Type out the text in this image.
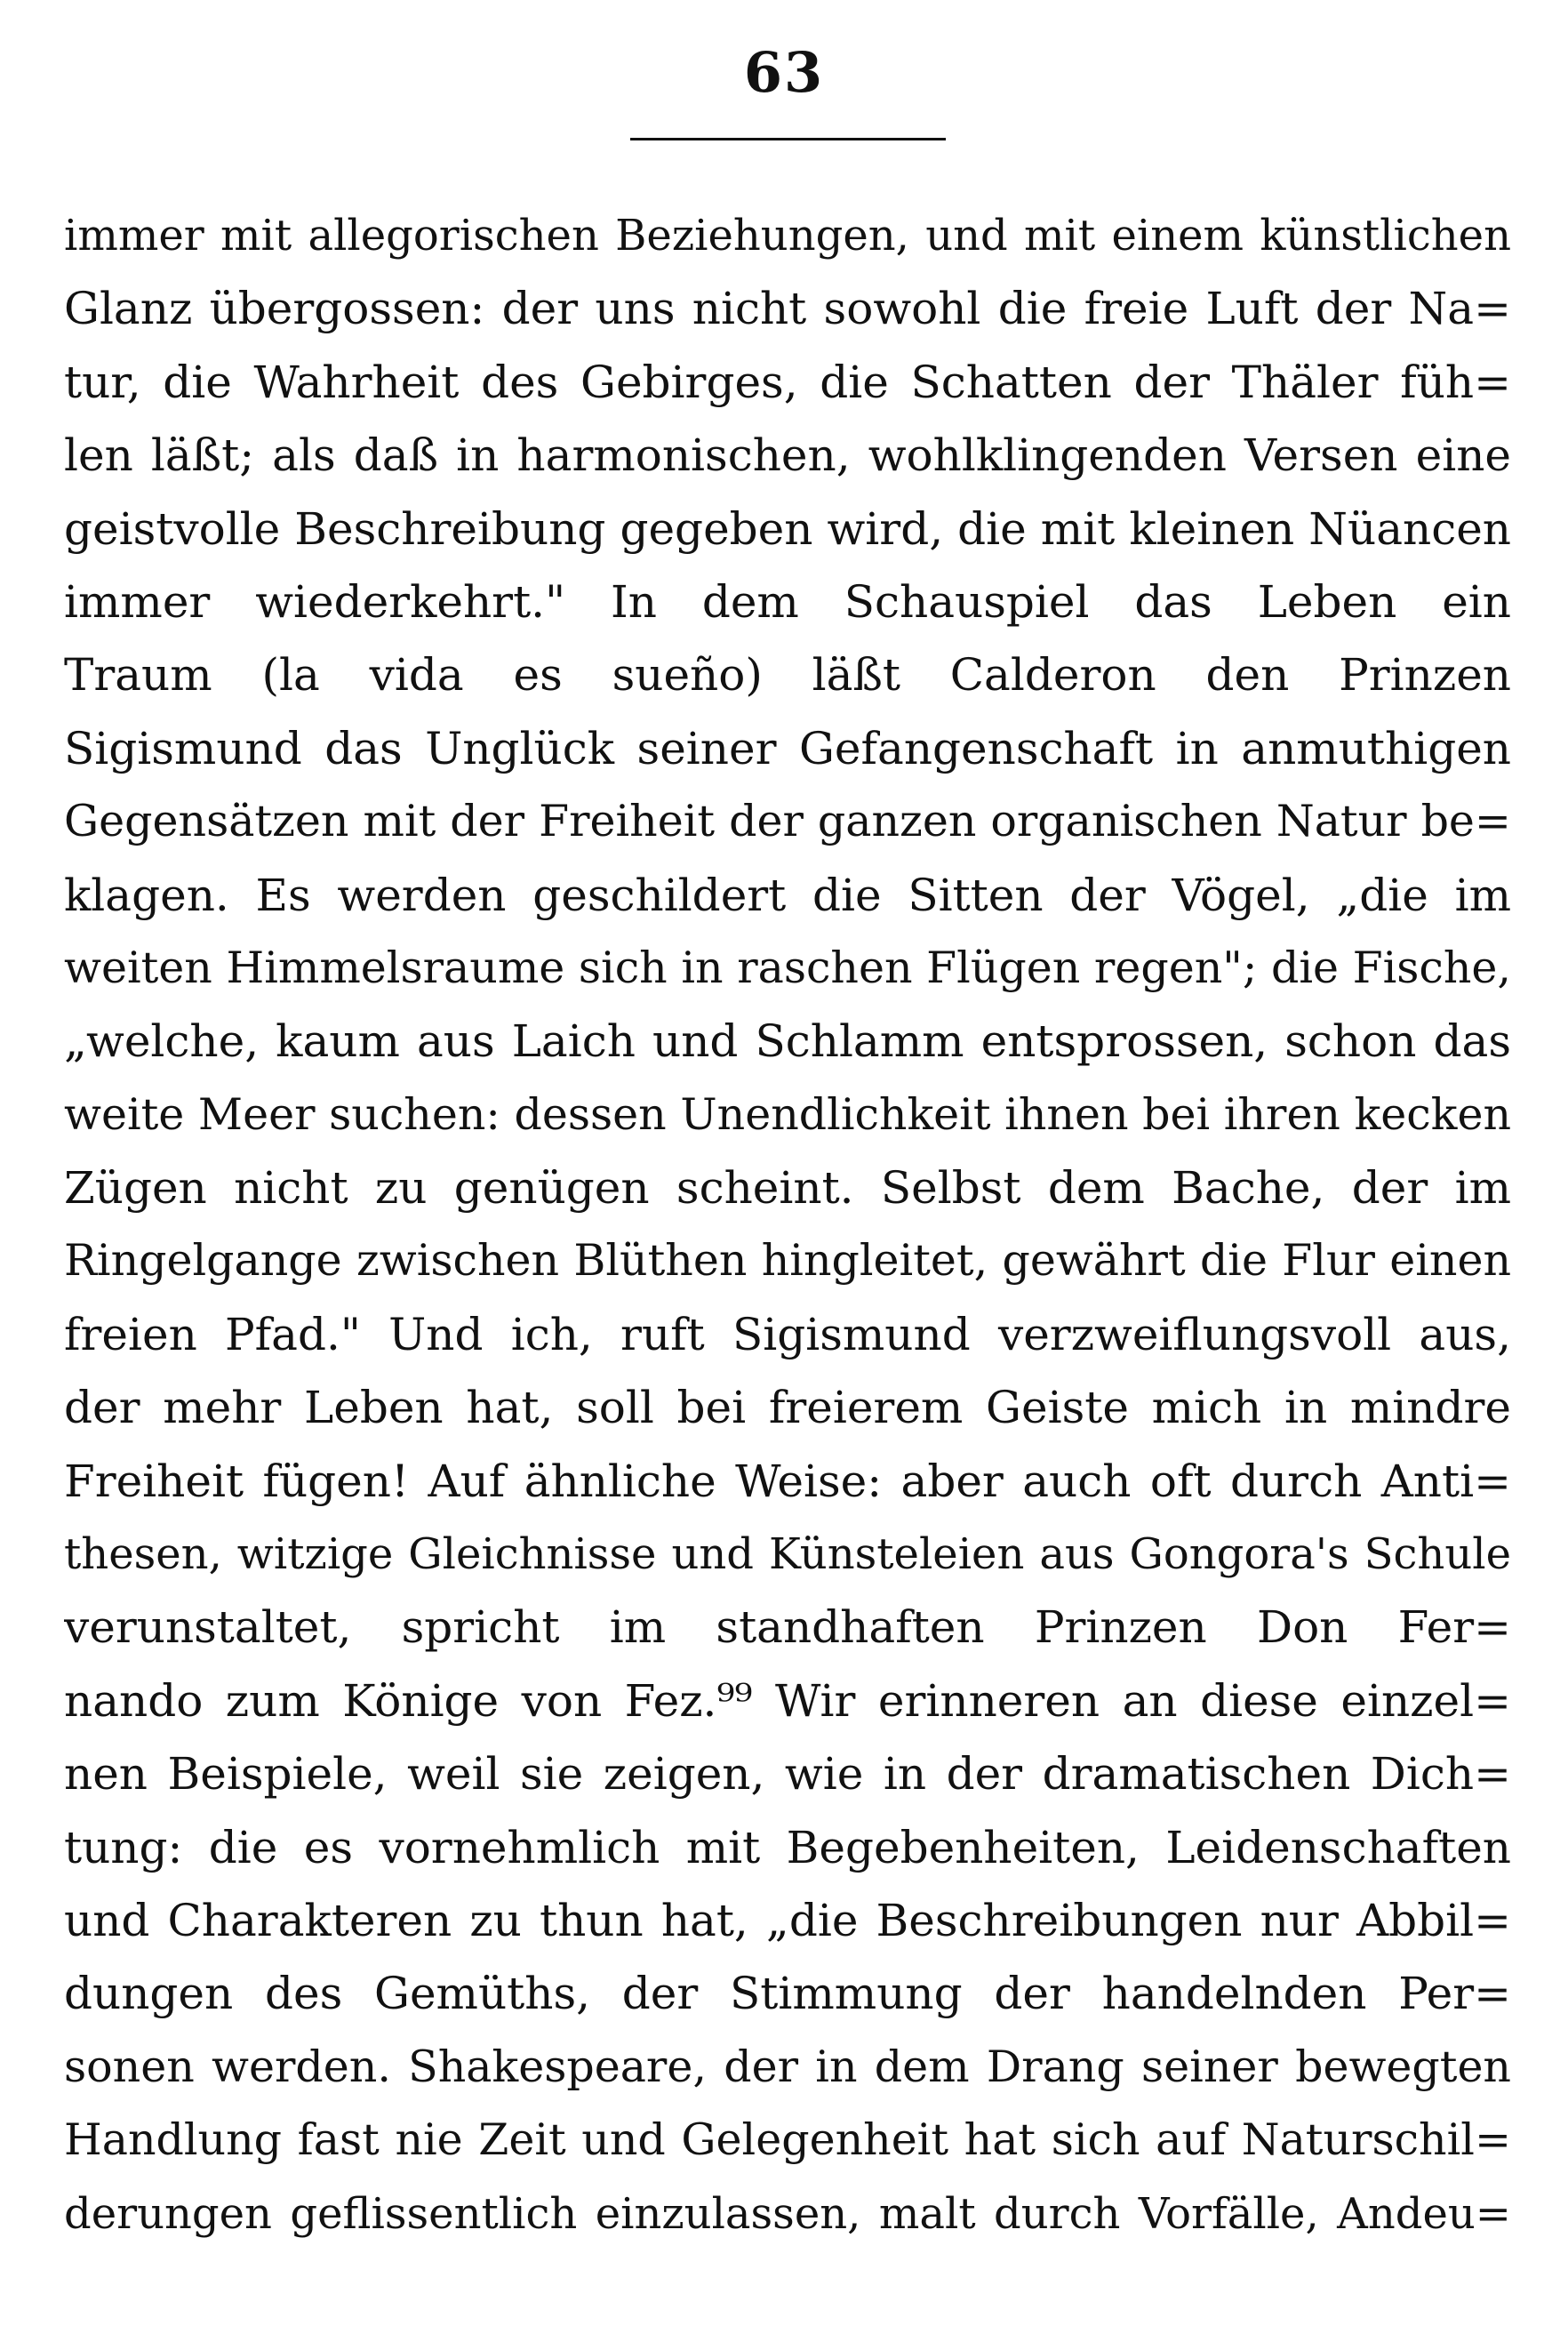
63
immer mit allegorischen Beziehungen, und mit einem künstlichen
Glanz übergossen: der uns nicht sowohl die freie Luft der Na=
tur, die Wahrheit des Gebirges, die Schatten der Thäler füh=
len läßt; als daß in harmonischen, wohlklingenden Versen eine
geistvolle Beschreibung gegeben wird, die mit kleinen Nüancen
immer wiederkehrt." In dem Schauspiel das Leben ein
Traum (la vida es sueño) läßt Calderon den Prinzen
Sigismund das Unglück seiner Gefangenschaft in anmuthigen
Gegensätzen mit der Freiheit der ganzen organischen Natur be=
klagen. Es werden geschildert die Sitten der Vögel, „die im
weiten Himmelsraume sich in raschen Flügen regen"; die Fische,
„welche, kaum aus Laich und Schlamm entsprossen, schon das
weite Meer suchen: dessen Unendlichkeit ihnen bei ihren kecken
Zügen nicht zu genügen scheint. Selbst dem Bache, der im
Ringelgange zwischen Blüthen hingleitet, gewährt die Flur einen
freien Pfad." Und ich, ruft Sigismund verzweiflungsvoll aus,
der mehr Leben hat, soll bei freierem Geiste mich in mindre
Freiheit fügen! Auf ähnliche Weise: aber auch oft durch Anti=
thesen, witzige Gleichnisse und Künsteleien aus Gongora's Schule
verunstaltet, spricht im standhaften Prinzen Don Fer=
nando zum Könige von Fez.⁹⁹ Wir erinneren an diese einzel=
nen Beispiele, weil sie zeigen, wie in der dramatischen Dich=
tung: die es vornehmlich mit Begebenheiten, Leidenschaften
und Charakteren zu thun hat, „die Beschreibungen nur Abbil=
dungen des Gemüths, der Stimmung der handelnden Per=
sonen werden. Shakespeare, der in dem Drang seiner bewegten
Handlung fast nie Zeit und Gelegenheit hat sich auf Naturschil=
derungen geflissentlich einzulassen, malt durch Vorfälle, Andeu=
